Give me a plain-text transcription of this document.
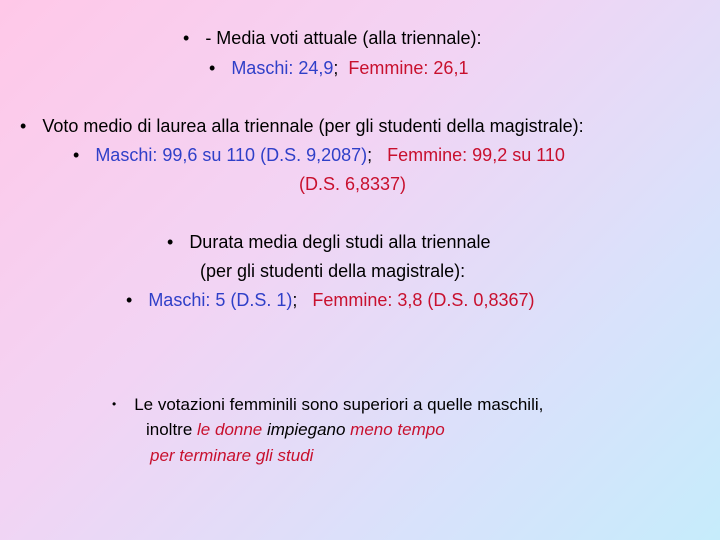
• - Media voti attuale (alla triennale):
• Maschi: 24,9; Femmine: 26,1
• Voto medio di laurea alla triennale (per gli studenti della magistrale):
• Maschi: 99,6 su 110 (D.S. 9,2087); Femmine: 99,2 su 110
(D.S. 6,8337)
• Durata media degli studi alla triennale
(per gli studenti della magistrale):
• Maschi: 5 (D.S. 1); Femmine: 3,8 (D.S. 0,8367)
• Le votazioni femminili sono superiori a quelle maschili,
inoltre le donne impiegano meno tempo
per terminare gli studi
